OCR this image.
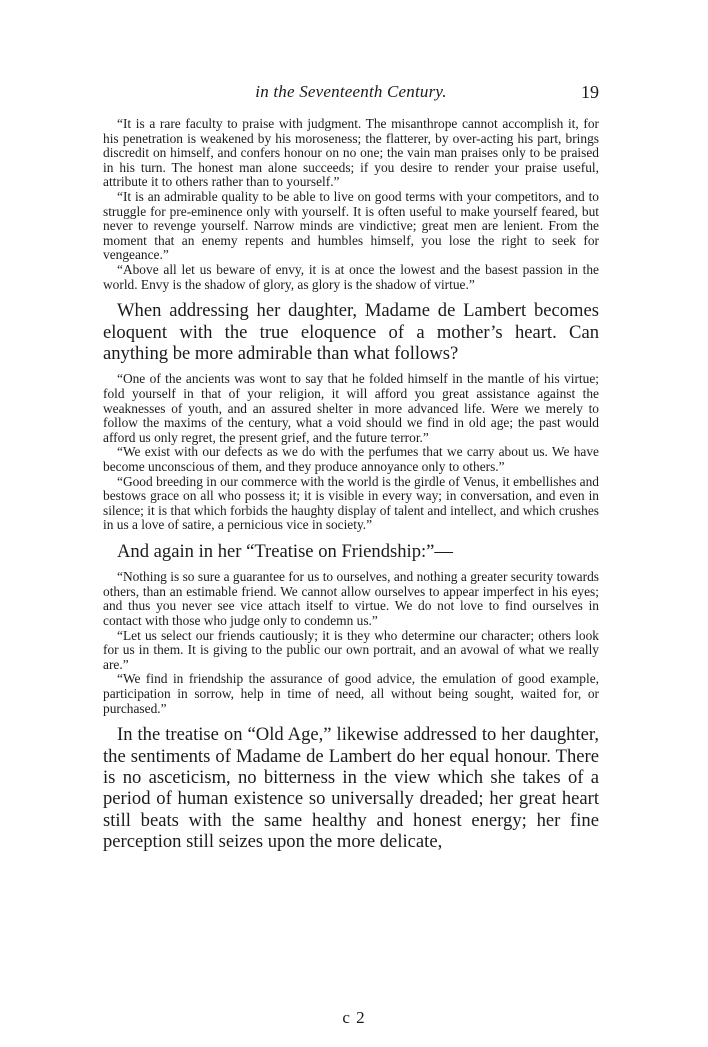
in the Seventeenth Century.	19

“It is a rare faculty to praise with judgment. The misanthrope cannot accomplish it, for his penetration is weakened by his moroseness; the flatterer, by over-acting his part, brings discredit on himself, and confers honour on no one; the vain man praises only to be praised in his turn. The honest man alone succeeds; if you desire to render your praise useful, attribute it to others rather than to yourself.”

“It is an admirable quality to be able to live on good terms with your competitors, and to struggle for pre-eminence only with yourself. It is often useful to make yourself feared, but never to revenge yourself. Narrow minds are vindictive; great men are lenient. From the moment that an enemy repents and humbles himself, you lose the right to seek for vengeance.”

“Above all let us beware of envy, it is at once the lowest and the basest passion in the world. Envy is the shadow of glory, as glory is the shadow of virtue.”

When addressing her daughter, Madame de Lambert becomes eloquent with the true eloquence of a mother’s heart. Can anything be more admirable than what follows?

“One of the ancients was wont to say that he folded himself in the mantle of his virtue; fold yourself in that of your religion, it will afford you great assistance against the weaknesses of youth, and an assured shelter in more advanced life. Were we merely to follow the maxims of the century, what a void should we find in old age; the past would afford us only regret, the present grief, and the future terror.”

“We exist with our defects as we do with the perfumes that we carry about us. We have become unconscious of them, and they produce annoyance only to others.”

“Good breeding in our commerce with the world is the girdle of Venus, it embellishes and bestows grace on all who possess it; it is visible in every way; in conversation, and even in silence; it is that which forbids the haughty display of talent and intellect, and which crushes in us a love of satire, a pernicious vice in society.”

And again in her “Treatise on Friendship:”—

“Nothing is so sure a guarantee for us to ourselves, and nothing a greater security towards others, than an estimable friend. We cannot allow ourselves to appear imperfect in his eyes; and thus you never see vice attach itself to virtue. We do not love to find ourselves in contact with those who judge only to condemn us.”

“Let us select our friends cautiously; it is they who determine our character; others look for us in them. It is giving to the public our own portrait, and an avowal of what we really are.”

“We find in friendship the assurance of good advice, the emulation of good example, participation in sorrow, help in time of need, all without being sought, waited for, or purchased.”

In the treatise on “Old Age,” likewise addressed to her daughter, the sentiments of Madame de Lambert do her equal honour. There is no asceticism, no bitterness in the view which she takes of a period of human existence so universally dreaded; her great heart still beats with the same healthy and honest energy; her fine perception still seizes upon the more delicate,

c 2
